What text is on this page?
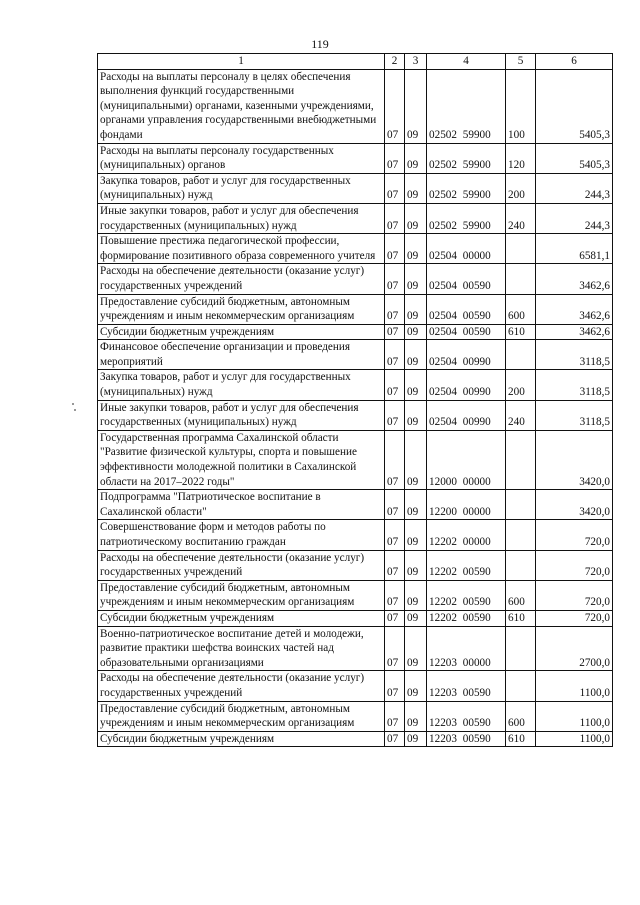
119
1	2	3	4	5	6
Расходы на выплаты персоналу в целях обеспечения выполнения функций государственными (муниципальными) органами, казенными учреждениями, органами управления государственными внебюджетными фондами	07	09	02502 59900	100	5405,3
Расходы на выплаты персоналу государственных (муниципальных) органов	07	09	02502 59900	120	5405,3
Закупка товаров, работ и услуг для государственных (муниципальных) нужд	07	09	02502 59900	200	244,3
Иные закупки товаров, работ и услуг для обеспечения государственных (муниципальных) нужд	07	09	02502 59900	240	244,3
Повышение престижа педагогической профессии, формирование позитивного образа современного учителя	07	09	02504 00000		6581,1
Расходы на обеспечение деятельности (оказание услуг) государственных учреждений	07	09	02504 00590		3462,6
Предоставление субсидий бюджетным, автономным учреждениям и иным некоммерческим организациям	07	09	02504 00590	600	3462,6
Субсидии бюджетным учреждениям	07	09	02504 00590	610	3462,6
Финансовое обеспечение организации и проведения мероприятий	07	09	02504 00990		3118,5
Закупка товаров, работ и услуг для государственных (муниципальных) нужд	07	09	02504 00990	200	3118,5
Иные закупки товаров, работ и услуг для обеспечения государственных (муниципальных) нужд	07	09	02504 00990	240	3118,5
Государственная программа Сахалинской области "Развитие физической культуры, спорта и повышение эффективности молодежной политики в Сахалинской области на 2017–2022 годы"	07	09	12000 00000		3420,0
Подпрограмма "Патриотическое воспитание в Сахалинской области"	07	09	12200 00000		3420,0
Совершенствование форм и методов работы по патриотическому воспитанию граждан	07	09	12202 00000		720,0
Расходы на обеспечение деятельности (оказание услуг) государственных учреждений	07	09	12202 00590		720,0
Предоставление субсидий бюджетным, автономным учреждениям и иным некоммерческим организациям	07	09	12202 00590	600	720,0
Субсидии бюджетным учреждениям	07	09	12202 00590	610	720,0
Военно-патриотическое воспитание детей и молодежи, развитие практики шефства воинских частей над образовательными организациями	07	09	12203 00000		2700,0
Расходы на обеспечение деятельности (оказание услуг) государственных учреждений	07	09	12203 00590		1100,0
Предоставление субсидий бюджетным, автономным учреждениям и иным некоммерческим организациям	07	09	12203 00590	600	1100,0
Субсидии бюджетным учреждениям	07	09	12203 00590	610	1100,0
